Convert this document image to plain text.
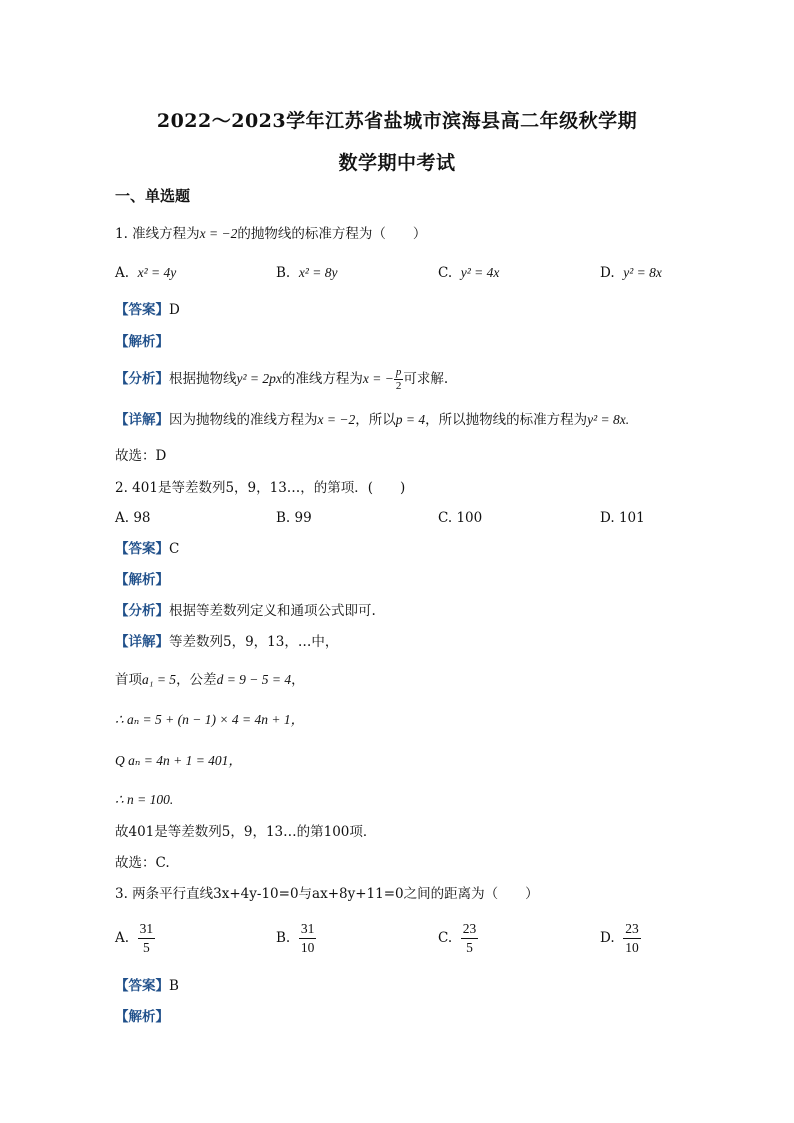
2022～2023学年江苏省盐城市滨海县高二年级秋学期
数学期中考试
一、单选题
1. 准线方程为x = −2的抛物线的标准方程为（　　）
A. x² = 4y	B. x² = 8y	C. y² = 4x	D. y² = 8x
【答案】D
【解析】
【分析】根据抛物线y² = 2px的准线方程为x = − $\frac{p}{2}$ 可求解.
【详解】因为抛物线的准线方程为x = −2，所以p = 4，所以抛物线的标准方程为y² = 8x.
故选：D
2. 401是等差数列5，9，13…，的第项．(　　)
A. 98	B. 99	C. 100	D. 101
【答案】C
【解析】
【分析】根据等差数列定义和通项公式即可.
【详解】等差数列5，9，13，…中，
首项a₁ = 5，公差d = 9 − 5 = 4，
∴ aₙ = 5 + (n − 1) × 4 = 4n + 1，
Q aₙ = 4n + 1 = 401，
∴ n = 100.
故401是等差数列5，9，13…的第100项．
故选：C.
3. 两条平行直线3x+4y-10=0与ax+8y+11=0之间的距离为（　　）
A. $\frac{31}{5}$	B. $\frac{31}{10}$	C. $\frac{23}{5}$	D. $\frac{23}{10}$
【答案】B
【解析】
